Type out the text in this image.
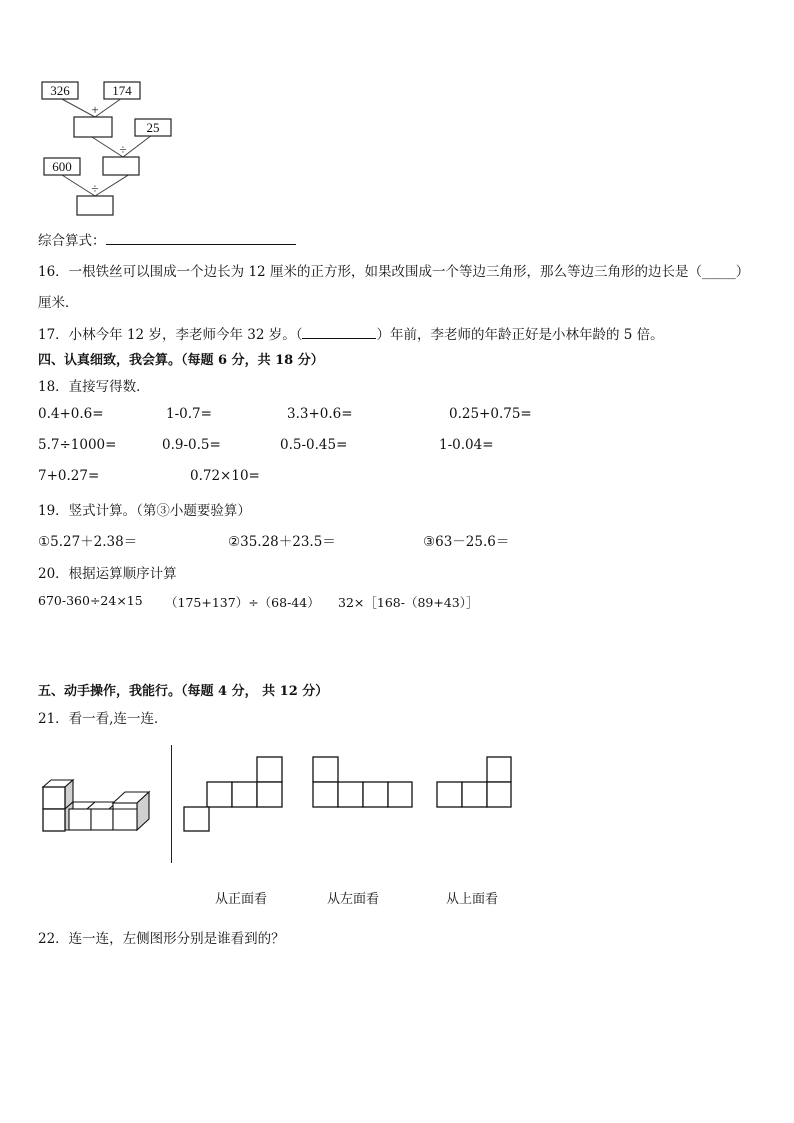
326	174
+
25
÷
600
÷
综合算式：
16．一根铁丝可以围成一个边长为 12 厘米的正方形，如果改围成一个等边三角形，那么等边三角形的边长是（_____）
厘米．
17．小林今年 12 岁，李老师今年 32 岁。（	）年前，李老师的年龄正好是小林年龄的 5 倍。
四、认真细致，我会算。（每题 6 分，共 18 分）
18．直接写得数．
0.4+0.6=	1-0.7=	3.3+0.6=	0.25+0.75=
5.7÷1000=	0.9-0.5=	0.5-0.45=	1-0.04=
7+0.27=	0.72×10=
19．竖式计算。（第③小题要验算）
①5.27＋2.38＝	②35.28＋23.5＝	③63－25.6＝
20．根据运算顺序计算
670-360÷24×15 （175+137）÷（68-44） 32×［168-（89+43）］
五、动手操作，我能行。（每题 4 分， 共 12 分）
21．看一看,连一连．
从正面看	从左面看	从上面看
22．连一连，左侧图形分别是谁看到的？
